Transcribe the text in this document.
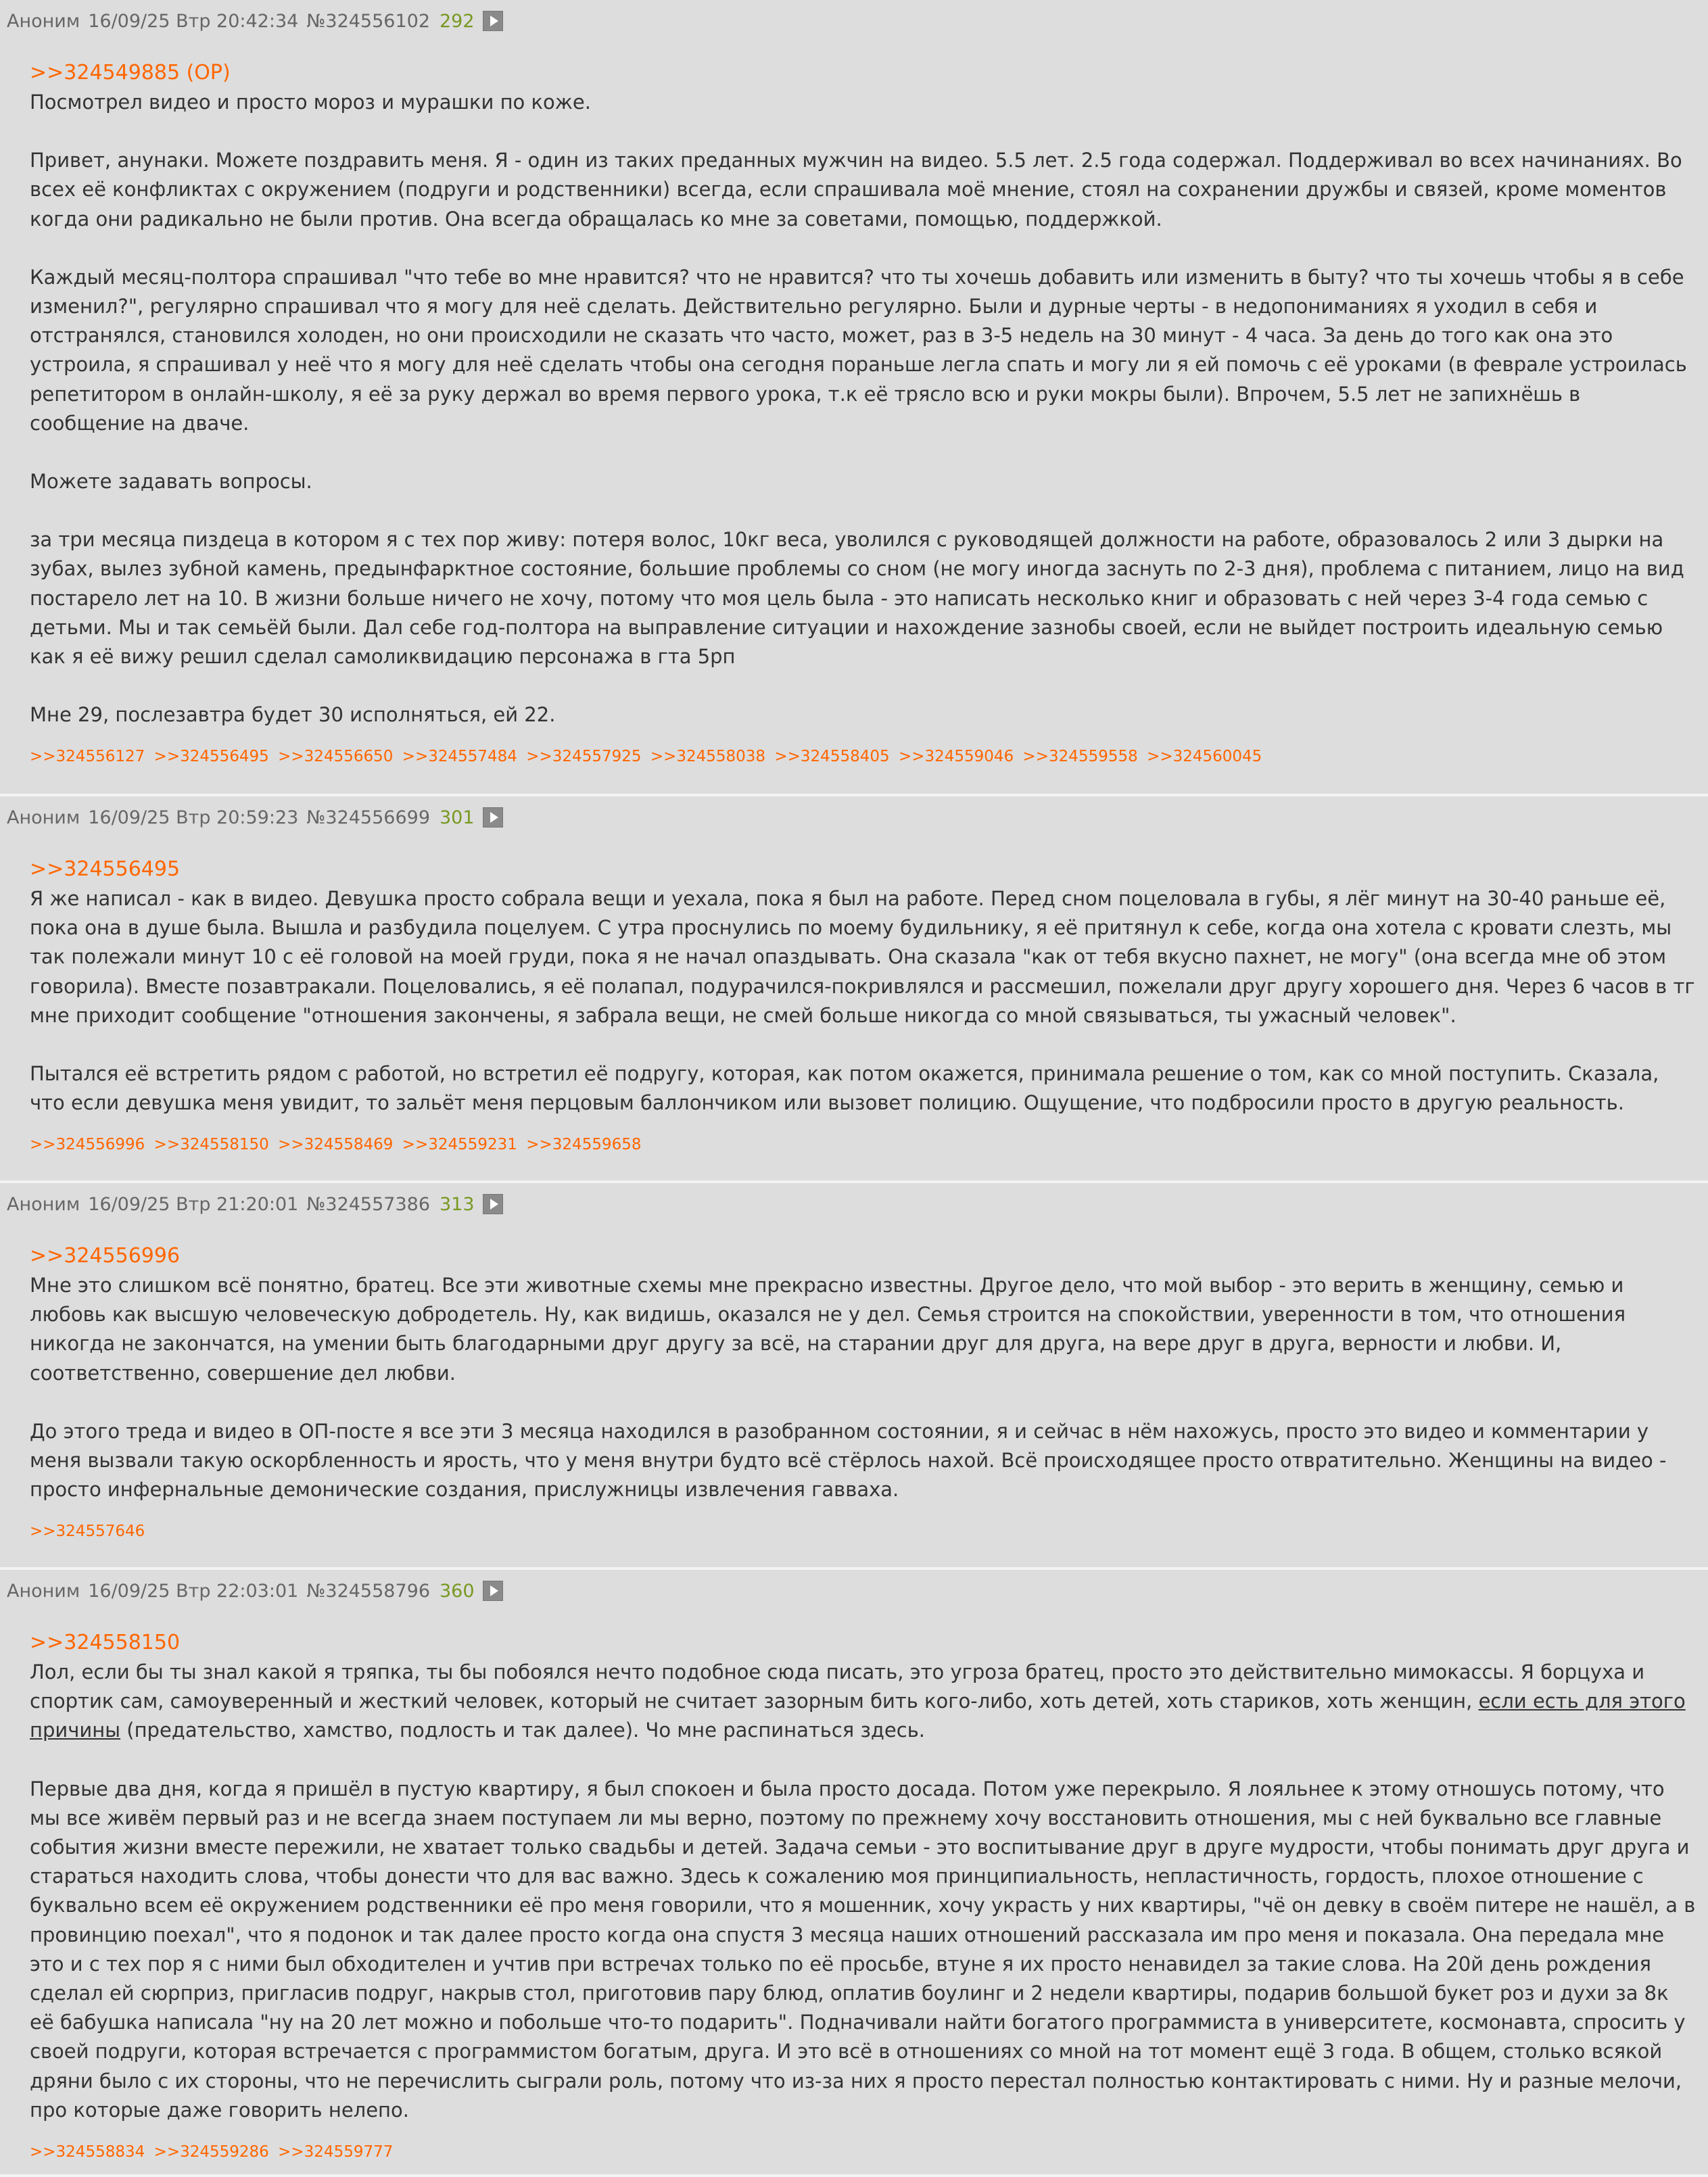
Аноним 16/09/25 Втр 20:42:34 №324556102 292
>>324549885 (OP)

Посмотрел видео и просто мороз и мурашки по коже.

Привет, анунаки. Можете поздравить меня. Я - один из таких преданных мужчин на видео. 5.5 лет. 2.5 года содержал. Поддерживал во всех начинаниях. Во всех её конфликтах с окружением (подруги и родственники) всегда, если спрашивала моё мнение, стоял на сохранении дружбы и связей, кроме моментов когда они радикально не были против. Она всегда обращалась ко мне за советами, помощью, поддержкой.

Каждый месяц-полтора спрашивал "что тебе во мне нравится? что не нравится? что ты хочешь добавить или изменить в быту? что ты хочешь чтобы я в себе изменил?", регулярно спрашивал что я могу для неё сделать. Действительно регулярно. Были и дурные черты - в недопониманиях я уходил в себя и отстранялся, становился холоден, но они происходили не сказать что часто, может, раз в 3-5 недель на 30 минут - 4 часа. За день до того как она это устроила, я спрашивал у неё что я могу для неё сделать чтобы она сегодня пораньше легла спать и могу ли я ей помочь с её уроками (в феврале устроилась репетитором в онлайн-школу, я её за руку держал во время первого урока, т.к её трясло всю и руки мокры были). Впрочем, 5.5 лет не запихнёшь в сообщение на дваче.

Можете задавать вопросы.

за три месяца пиздеца в котором я с тех пор живу: потеря волос, 10кг веса, уволился с руководящей должности на работе, образовалось 2 или 3 дырки на зубах, вылез зубной камень, предынфарктное состояние, большие проблемы со сном (не могу иногда заснуть по 2-3 дня), проблема с питанием, лицо на вид постарело лет на 10. В жизни больше ничего не хочу, потому что моя цель была - это написать несколько книг и образовать с ней через 3-4 года семью с детьми. Мы и так семьёй были. Дал себе год-полтора на выправление ситуации и нахождение зазнобы своей, если не выйдет построить идеальную семью как я её вижу решил сделал самоликвидацию персонажа в гта 5рп

Мне 29, послезавтра будет 30 исполняться, ей 22.

>>324556127 >>324556495 >>324556650 >>324557484 >>324557925 >>324558038 >>324558405 >>324559046 >>324559558 >>324560045
Аноним 16/09/25 Втр 20:59:23 №324556699 301
>>324556495

Я же написал - как в видео. Девушка просто собрала вещи и уехала, пока я был на работе. Перед сном поцеловала в губы, я лёг минут на 30-40 раньше её, пока она в душе была. Вышла и разбудила поцелуем. С утра проснулись по моему будильнику, я её притянул к себе, когда она хотела с кровати слезть, мы так полежали минут 10 с её головой на моей груди, пока я не начал опаздывать. Она сказала "как от тебя вкусно пахнет, не могу" (она всегда мне об этом говорила). Вместе позавтракали. Поцеловались, я её полапал, подурачился-покривлялся и рассмешил, пожелали друг другу хорошего дня. Через 6 часов в тг мне приходит сообщение "отношения закончены, я забрала вещи, не смей больше никогда со мной связываться, ты ужасный человек".

Пытался её встретить рядом с работой, но встретил её подругу, которая, как потом окажется, принимала решение о том, как со мной поступить. Сказала, что если девушка меня увидит, то зальёт меня перцовым баллончиком или вызовет полицию. Ощущение, что подбросили просто в другую реальность.

>>324556996 >>324558150 >>324558469 >>324559231 >>324559658
Аноним 16/09/25 Втр 21:20:01 №324557386 313
>>324556996

Мне это слишком всё понятно, братец. Все эти животные схемы мне прекрасно известны. Другое дело, что мой выбор - это верить в женщину, семью и любовь как высшую человеческую добродетель. Ну, как видишь, оказался не у дел. Семья строится на спокойствии, уверенности в том, что отношения никогда не закончатся, на умении быть благодарными друг другу за всё, на старании друг для друга, на вере друг в друга, верности и любви. И, соответственно, совершение дел любви.

До этого треда и видео в ОП-посте я все эти 3 месяца находился в разобранном состоянии, я и сейчас в нём нахожусь, просто это видео и комментарии у меня вызвали такую оскорбленность и ярость, что у меня внутри будто всё стёрлось нахой. Всё происходящее просто отвратительно. Женщины на видео - просто инфернальные демонические создания, прислужницы извлечения гавваха.

>>324557646
Аноним 16/09/25 Втр 22:03:01 №324558796 360
>>324558150

Лол, если бы ты знал какой я тряпка, ты бы побоялся нечто подобное сюда писать, это угроза братец, просто это действительно мимокассы. Я борцуха и спортик сам, самоуверенный и жесткий человек, который не считает зазорным бить кого-либо, хоть детей, хоть стариков, хоть женщин, если есть для этого причины (предательство, хамство, подлость и так далее). Чо мне распинаться здесь.

Первые два дня, когда я пришёл в пустую квартиру, я был спокоен и была просто досада. Потом уже перекрыло. Я лояльнее к этому отношусь потому, что мы все живём первый раз и не всегда знаем поступаем ли мы верно, поэтому по прежнему хочу восстановить отношения, мы с ней буквально все главные события жизни вместе пережили, не хватает только свадьбы и детей. Задача семьи - это воспитывание друг в друге мудрости, чтобы понимать друг друга и стараться находить слова, чтобы донести что для вас важно. Здесь к сожалению моя принципиальность, непластичность, гордость, плохое отношение с буквально всем её окружением родственники её про меня говорили, что я мошенник, хочу украсть у них квартиры, "чё он девку в своём питере не нашёл, а в провинцию поехал", что я подонок и так далее просто когда она спустя 3 месяца наших отношений рассказала им про меня и показала. Она передала мне это и с тех пор я с ними был обходителен и учтив при встречах только по её просьбе, втуне я их просто ненавидел за такие слова. На 20й день рождения сделал ей сюрприз, пригласив подруг, накрыв стол, приготовив пару блюд, оплатив боулинг и 2 недели квартиры, подарив большой букет роз и духи за 8к её бабушка написала "ну на 20 лет можно и побольше что-то подарить". Подначивали найти богатого программиста в университете, космонавта, спросить у своей подруги, которая встречается с программистом богатым, друга. И это всё в отношениях со мной на тот момент ещё 3 года. В общем, столько всякой дряни было с их стороны, что не перечислить сыграли роль, потому что из-за них я просто перестал полностью контактировать с ними. Ну и разные мелочи, про которые даже говорить нелепо.

>>324558834 >>324559286 >>324559777
